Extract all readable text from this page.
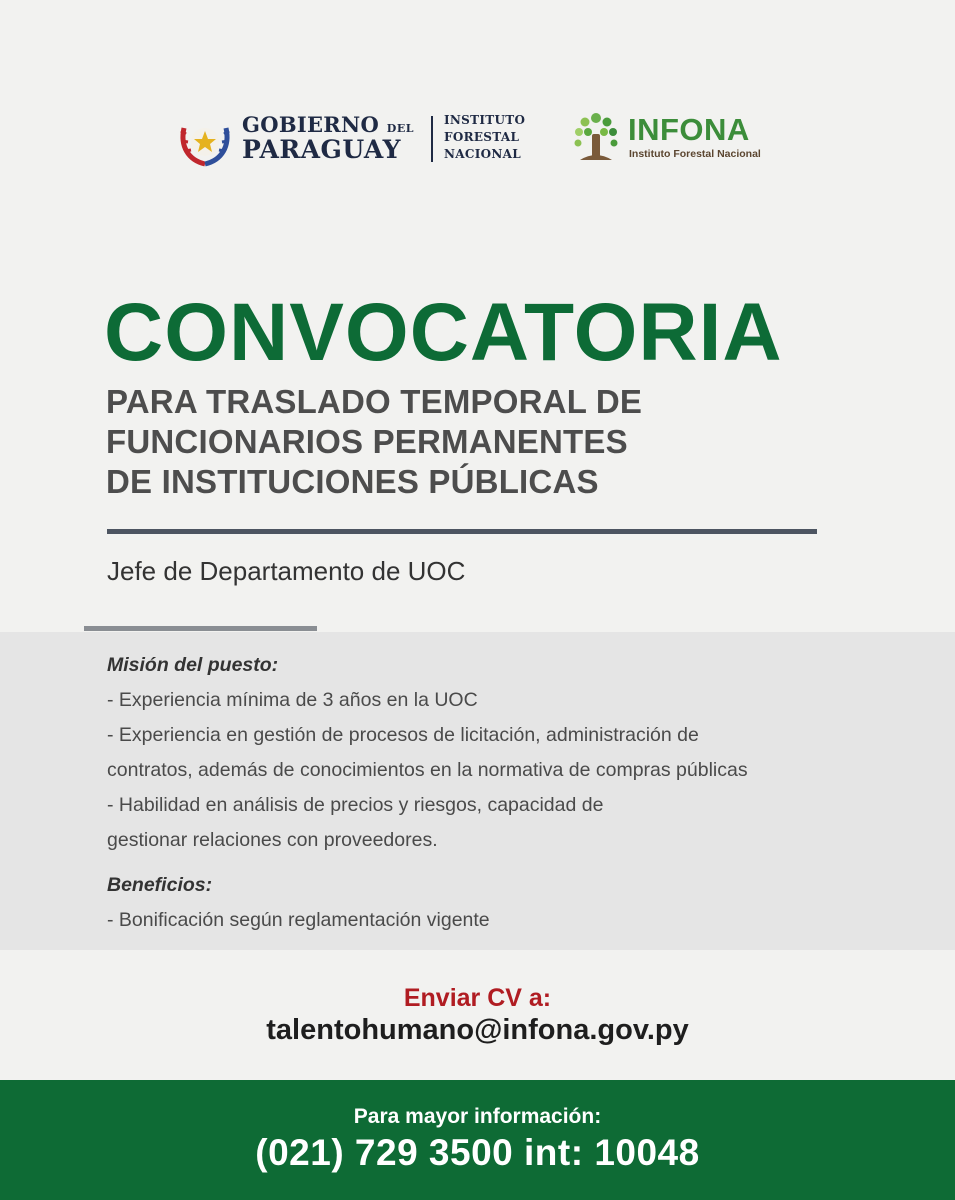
GOBIERNO DEL
PARAGUAY
INSTITUTO
FORESTAL
NACIONAL
INFONA
Instituto Forestal Nacional
CONVOCATORIA
PARA TRASLADO TEMPORAL DE
FUNCIONARIOS PERMANENTES
DE INSTITUCIONES PÚBLICAS
Jefe de Departamento de UOC
Misión del puesto:
- Experiencia mínima de 3 años en la UOC
- Experiencia en gestión de procesos de licitación, administración de
contratos, además de conocimientos en la normativa de compras públicas
- Habilidad en análisis de precios y riesgos, capacidad de
gestionar relaciones con proveedores.
Beneficios:
- Bonificación según reglamentación vigente
Enviar CV a:
talentohumano@infona.gov.py
Para mayor información:
(021) 729 3500 int: 10048
